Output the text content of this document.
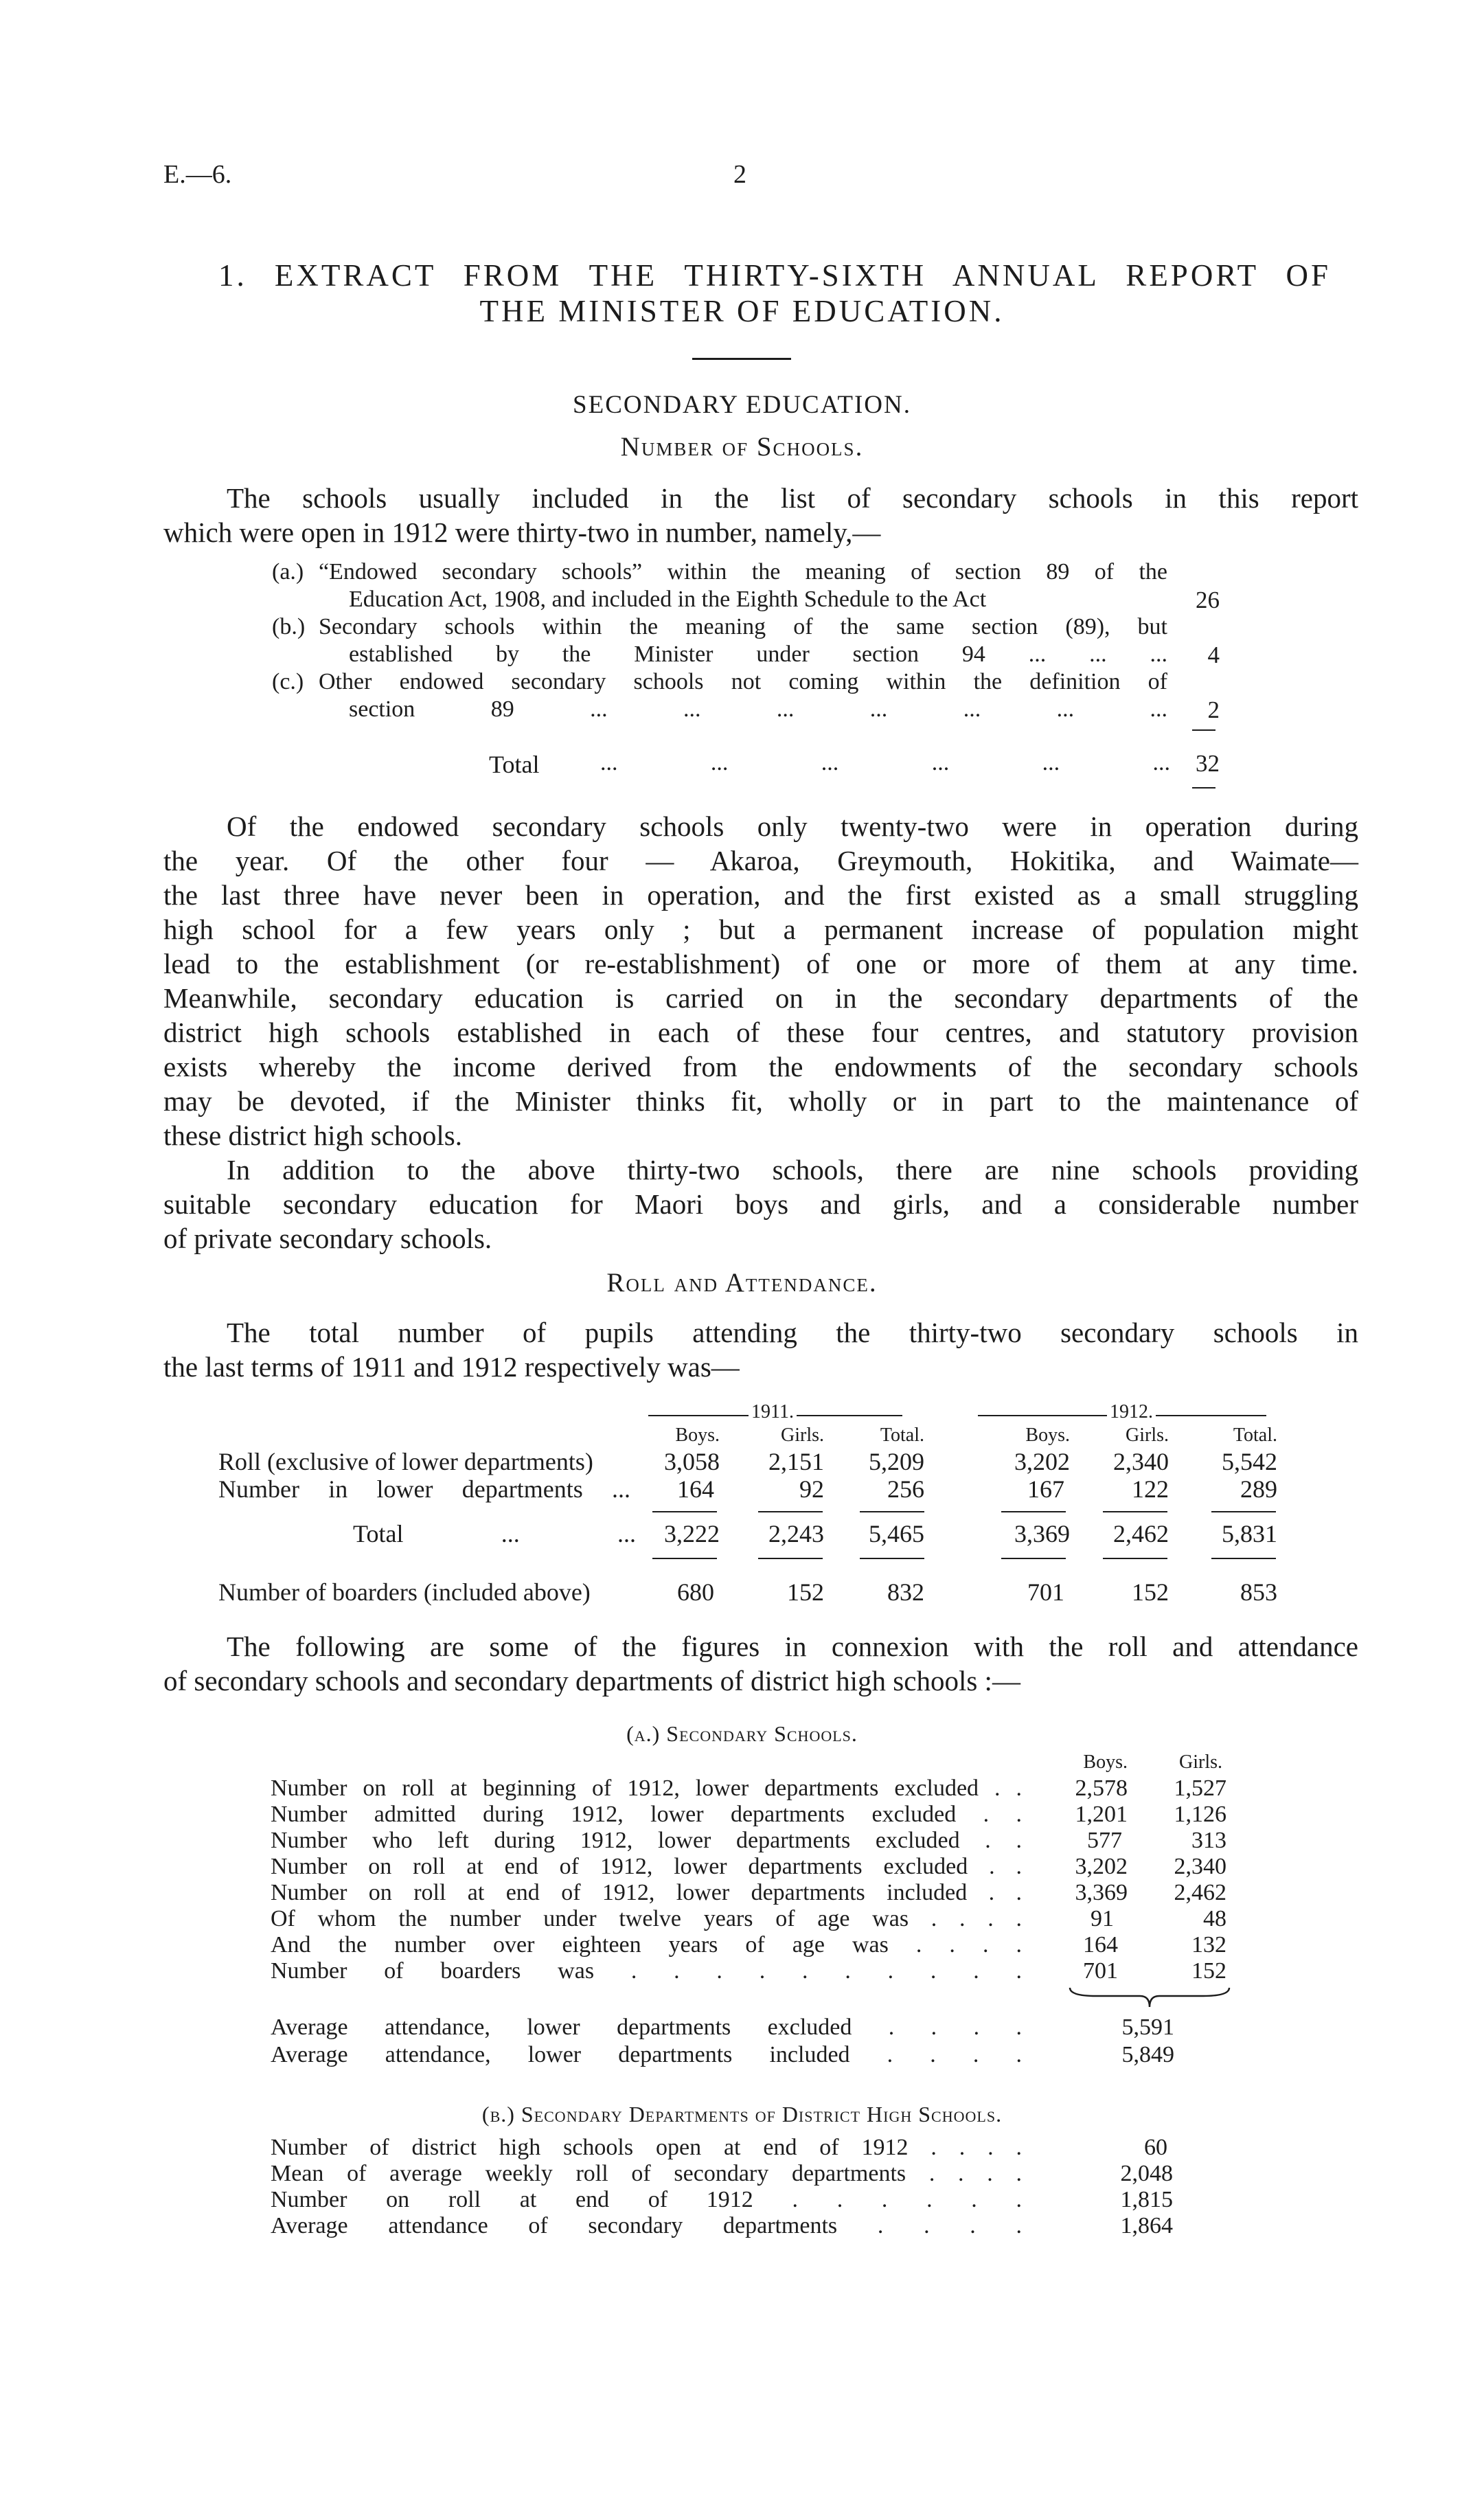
E.—6.	2
1. EXTRACT FROM THE THIRTY-SIXTH ANNUAL REPORT OF
THE MINISTER OF EDUCATION.
SECONDARY EDUCATION.
Number of Schools.
The schools usually included in the list of secondary schools in this report
which were open in 1912 were thirty-two in number, namely,—
(a.) “Endowed secondary schools” within the meaning of section 89 of the
Education Act, 1908, and included in the Eighth Schedule to the Act	26
(b.) Secondary schools within the meaning of the same section (89), but
established by the Minister under section 94 ... ... ...	4
(c.) Other endowed secondary schools not coming within the definition of
section 89 ... ... ... ... ... ... ...	2
Total	... ... ... ... ... ...	32
Of the endowed secondary schools only twenty-two were in operation during
the year. Of the other four — Akaroa, Greymouth, Hokitika, and Waimate—
the last three have never been in operation, and the first existed as a small struggling
high school for a few years only ; but a permanent increase of population might
lead to the establishment (or re-establishment) of one or more of them at any time.
Meanwhile, secondary education is carried on in the secondary departments of the
district high schools established in each of these four centres, and statutory provision
exists whereby the income derived from the endowments of the secondary schools
may be devoted, if the Minister thinks fit, wholly or in part to the maintenance of
these district high schools.
In addition to the above thirty-two schools, there are nine schools providing
suitable secondary education for Maori boys and girls, and a considerable number
of private secondary schools.
Roll and Attendance.
The total number of pupils attending the thirty-two secondary schools in
the last terms of 1911 and 1912 respectively was—
1911.	1912.
Boys.	Girls.	Total.	Boys.	Girls.	Total.
Roll (exclusive of lower departments)	3,058	2,151	5,209	3,202	2,340	5,542
Number in lower departments ...	164	92	256	167	122	289
Total ... ...	3,222	2,243	5,465	3,369	2,462	5,831
Number of boarders (included above)	680	152	832	701	152	853
The following are some of the figures in connexion with the roll and attendance
of secondary schools and secondary departments of district high schools :—
(a.) Secondary Schools.
Boys.	Girls.
Number on roll at beginning of 1912, lower departments excluded . .	2,578	1,527
Number admitted during 1912, lower departments excluded . .	1,201	1,126
Number who left during 1912, lower departments excluded . .	577	313
Number on roll at end of 1912, lower departments excluded . .	3,202	2,340
Number on roll at end of 1912, lower departments included . .	3,369	2,462
Of whom the number under twelve years of age was . . . .	91	48
And the number over eighteen years of age was . . . .	164	132
Number of boarders was . . . . . . . . . .	701	152
Average attendance, lower departments excluded . . . .	5,591
Average attendance, lower departments included . . . .	5,849
(b.) Secondary Departments of District High Schools.
Number of district high schools open at end of 1912 . . . .	60
Mean of average weekly roll of secondary departments . . . .	2,048
Number on roll at end of 1912 . . . . . .	1,815
Average attendance of secondary departments . . . .	1,864
